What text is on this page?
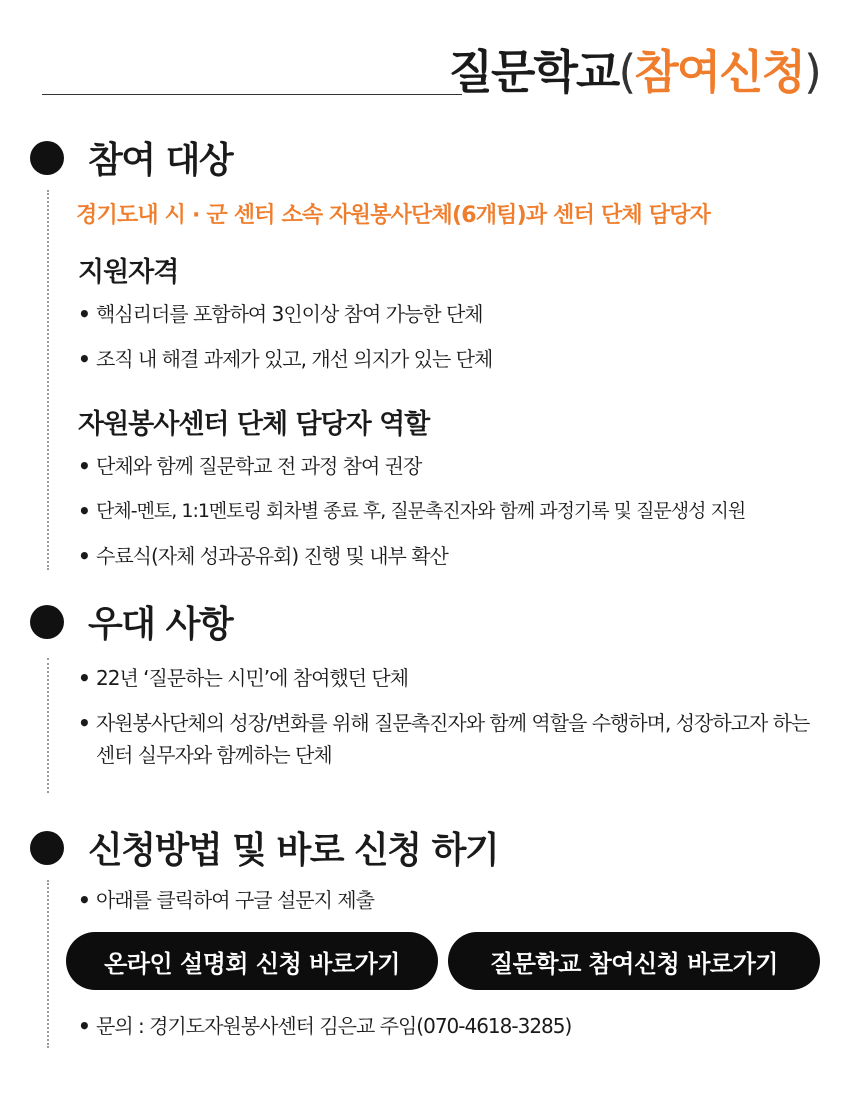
질문학교(참여신청)
참여 대상
경기도내 시 · 군 센터 소속 자원봉사단체(6개팀)과 센터 단체 담당자
지원자격
• 핵심리더를 포함하여 3인이상 참여 가능한 단체
• 조직 내 해결 과제가 있고, 개선 의지가 있는 단체
자원봉사센터 단체 담당자 역할
• 단체와 함께 질문학교 전 과정 참여 권장
• 단체-멘토, 1:1멘토링 회차별 종료 후, 질문촉진자와 함께 과정기록 및 질문생성 지원
• 수료식(자체 성과공유회) 진행 및 내부 확산
우대 사항
• 22년 ‘질문하는 시민’에 참여했던 단체
• 자원봉사단체의 성장/변화를 위해 질문촉진자와 함께 역할을 수행하며, 성장하고자 하는 센터 실무자와 함께하는 단체
신청방법 및 바로 신청 하기
• 아래를 클릭하여 구글 설문지 제출
온라인 설명회 신청 바로가기	질문학교 참여신청 바로가기
• 문의 : 경기도자원봉사센터 김은교 주임(070-4618-3285)
